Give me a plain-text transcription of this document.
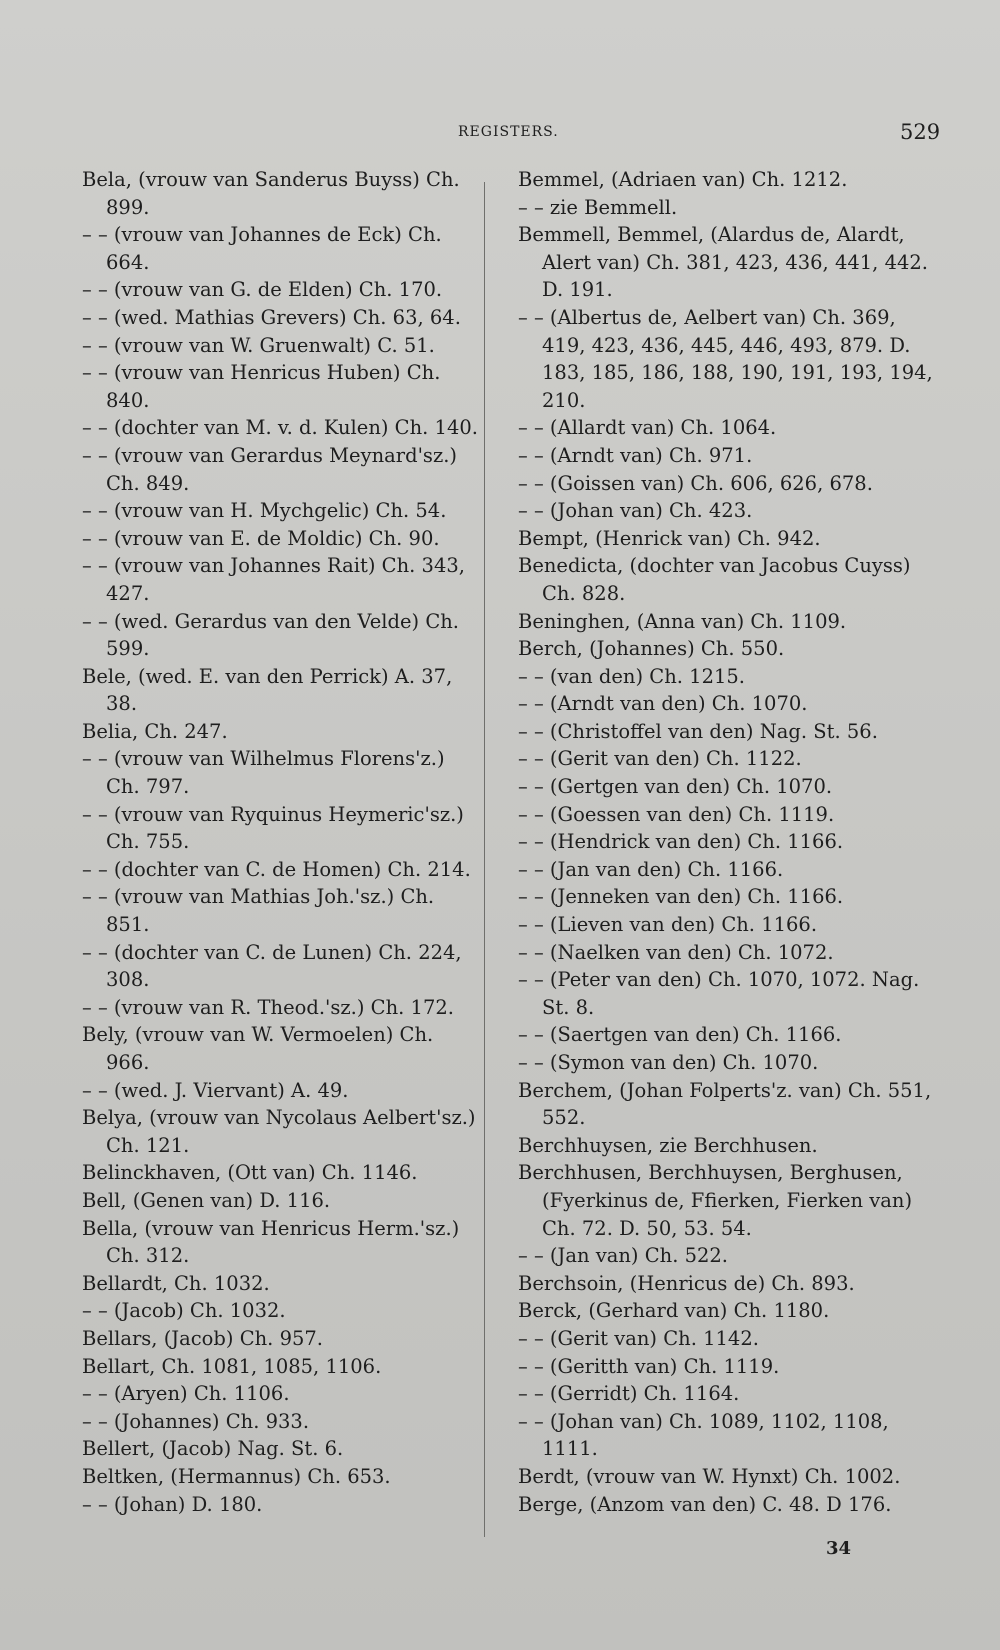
REGISTERS.	529
Bela, (vrouw van Sanderus Buyss) Ch. 899.
– – (vrouw van Johannes de Eck) Ch. 664.
– – (vrouw van G. de Elden) Ch. 170.
– – (wed. Mathias Grevers) Ch. 63, 64.
– – (vrouw van W. Gruenwalt) C. 51.
– – (vrouw van Henricus Huben) Ch. 840.
– – (dochter van M. v. d. Kulen) Ch. 140.
– – (vrouw van Gerardus Meynard'sz.) Ch. 849.
– – (vrouw van H. Mychgelic) Ch. 54.
– – (vrouw van E. de Moldic) Ch. 90.
– – (vrouw van Johannes Rait) Ch. 343, 427.
– – (wed. Gerardus van den Velde) Ch. 599.
Bele, (wed. E. van den Perrick) A. 37, 38.
Belia, Ch. 247.
– – (vrouw van Wilhelmus Florens'z.) Ch. 797.
– – (vrouw van Ryquinus Heymeric'sz.) Ch. 755.
– – (dochter van C. de Homen) Ch. 214.
– – (vrouw van Mathias Joh.'sz.) Ch. 851.
– – (dochter van C. de Lunen) Ch. 224, 308.
– – (vrouw van R. Theod.'sz.) Ch. 172.
Bely, (vrouw van W. Vermoelen) Ch. 966.
– – (wed. J. Viervant) A. 49.
Belya, (vrouw van Nycolaus Aelbert'sz.) Ch. 121.
Belinckhaven, (Ott van) Ch. 1146.
Bell, (Genen van) D. 116.
Bella, (vrouw van Henricus Herm.'sz.) Ch. 312.
Bellardt, Ch. 1032.
– – (Jacob) Ch. 1032.
Bellars, (Jacob) Ch. 957.
Bellart, Ch. 1081, 1085, 1106.
– – (Aryen) Ch. 1106.
– – (Johannes) Ch. 933.
Bellert, (Jacob) Nag. St. 6.
Beltken, (Hermannus) Ch. 653.
– – (Johan) D. 180.
Bemmel, (Adriaen van) Ch. 1212.
– – zie Bemmell.
Bemmell, Bemmel, (Alardus de, Alardt, Alert van) Ch. 381, 423, 436, 441, 442. D. 191.
– – (Albertus de, Aelbert van) Ch. 369, 419, 423, 436, 445, 446, 493, 879. D. 183, 185, 186, 188, 190, 191, 193, 194, 210.
– – (Allardt van) Ch. 1064.
– – (Arndt van) Ch. 971.
– – (Goissen van) Ch. 606, 626, 678.
– – (Johan van) Ch. 423.
Bempt, (Henrick van) Ch. 942.
Benedicta, (dochter van Jacobus Cuyss) Ch. 828.
Beninghen, (Anna van) Ch. 1109.
Berch, (Johannes) Ch. 550.
– – (van den) Ch. 1215.
– – (Arndt van den) Ch. 1070.
– – (Christoffel van den) Nag. St. 56.
– – (Gerit van den) Ch. 1122.
– – (Gertgen van den) Ch. 1070.
– – (Goessen van den) Ch. 1119.
– – (Hendrick van den) Ch. 1166.
– – (Jan van den) Ch. 1166.
– – (Jenneken van den) Ch. 1166.
– – (Lieven van den) Ch. 1166.
– – (Naelken van den) Ch. 1072.
– – (Peter van den) Ch. 1070, 1072. Nag. St. 8.
– – (Saertgen van den) Ch. 1166.
– – (Symon van den) Ch. 1070.
Berchem, (Johan Folperts'z. van) Ch. 551, 552.
Berchhuysen, zie Berchhusen.
Berchhusen, Berchhuysen, Berghusen, (Fyerkinus de, Ffierken, Fierken van) Ch. 72. D. 50, 53. 54.
– – (Jan van) Ch. 522.
Berchsoin, (Henricus de) Ch. 893.
Berck, (Gerhard van) Ch. 1180.
– – (Gerit van) Ch. 1142.
– – (Geritth van) Ch. 1119.
– – (Gerridt) Ch. 1164.
– – (Johan van) Ch. 1089, 1102, 1108, 1111.
Berdt, (vrouw van W. Hynxt) Ch. 1002.
Berge, (Anzom van den) C. 48. D 176.
34
